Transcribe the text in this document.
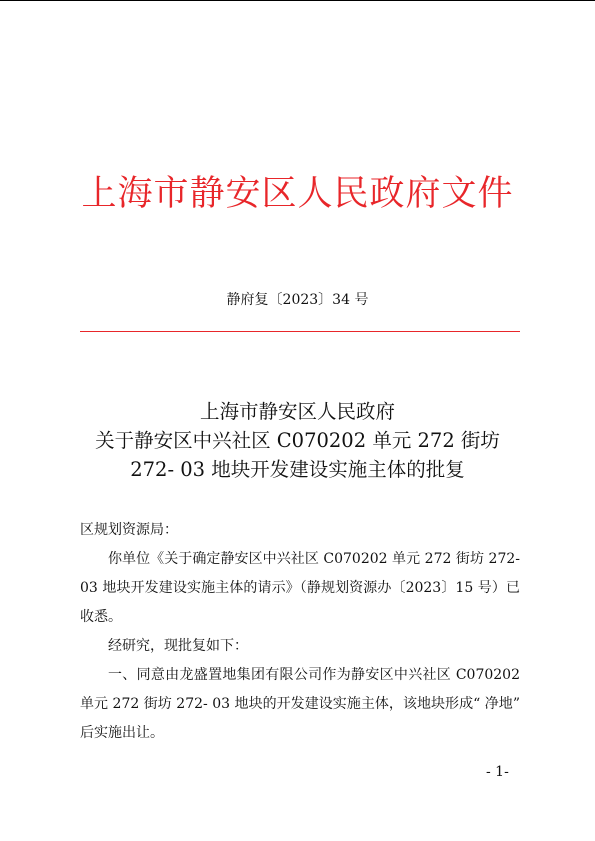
上海市静安区人民政府文件
静府复〔2023〕34 号
上海市静安区人民政府
关于静安区中兴社区 C070202 单元 272 街坊
272- 03 地块开发建设实施主体的批复

区规划资源局：

你单位《关于确定静安区中兴社区 C070202 单元 272 街坊 272- 03 地块开发建设实施主体的请示》（静规划资源办〔2023〕15 号）已收悉。

经研究，现批复如下：

一、同意由龙盛置地集团有限公司作为静安区中兴社区 C070202 单元 272 街坊 272- 03 地块的开发建设实施主体，该地块形成“ 净地” 后实施出让。

- 1-
